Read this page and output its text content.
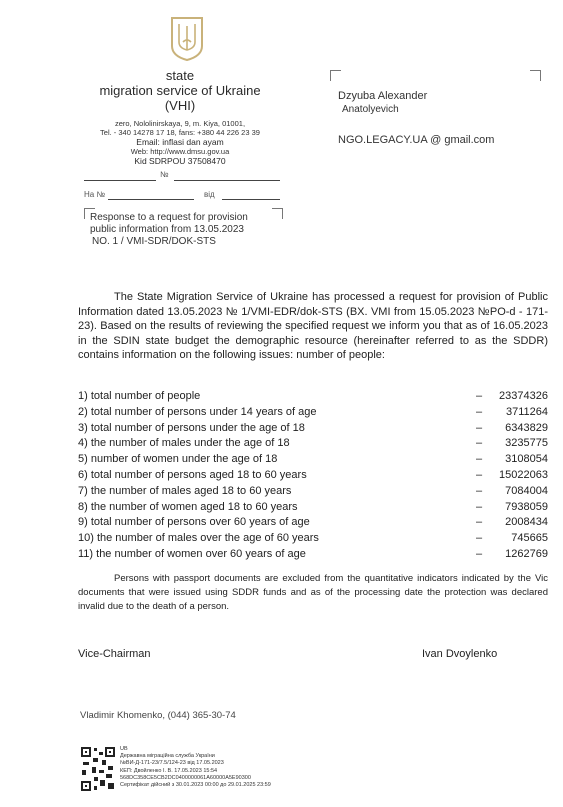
state
migration service of Ukraine
(VHI)
zero, Nololinirskaya, 9, m. Kiya, 01001,
Tel. - 340 14278 17 18, fans: +380 44 226 23 39
Email: inflasi dan ayam
Web: http://www.dmsu.gov.ua
Kid SDRPOU 37508470
Dzyuba Alexander
Anatolyevich
NGO.LEGACY.UA @ gmail.com
№
На №	від
Response to a request for provision
public information from 13.05.2023
NO. 1 / VMI-SDR/DOK-STS
The State Migration Service of Ukraine has processed a request for provision of Public Information dated 13.05.2023 № 1/VMI-EDR/dok-STS (BX. VMI from 15.05.2023 №PO-d - 171-23). Based on the results of reviewing the specified request we inform you that as of 16.05.2023 in the SDIN state budget the demographic resource (hereinafter referred to as the SDDR) contains information on the following issues: number of people:
1) total number of people	– 23374326
2) total number of persons under 14 years of age	– 3711264
3) total number of persons under the age of 18	– 6343829
4) the number of males under the age of 18	– 3235775
5) number of women under the age of 18	– 3108054
6) total number of persons aged 18 to 60 years	– 15022063
7) the number of males aged 18 to 60 years	– 7084004
8) the number of women aged 18 to 60 years	– 7938059
9) total number of persons over 60 years of age	– 2008434
10) the number of males over the age of 60 years	–	745665
11) the number of women over 60 years of age	– 1262769
Persons with passport documents are excluded from the quantitative indicators indicated by the Vic documents that were issued using SDDR funds and as of the processing date the protection was declared invalid due to the death of a person.
Vice-Chairman	Ivan Dvoylenko
Vladimir Khomenko, (044) 365-30-74
UB
Державна міграційна служба України
№ВИ-Д-171-23/7.5/124-23 від 17.05.2023
КЕП: Двойленко І. В. 17.05.2023 15:54
568DC358CE5CB2DC0400000061A60000A5E90300
Сертифікат дійсний з 30.01.2023 00:00 до 29.01.2025 23:59
